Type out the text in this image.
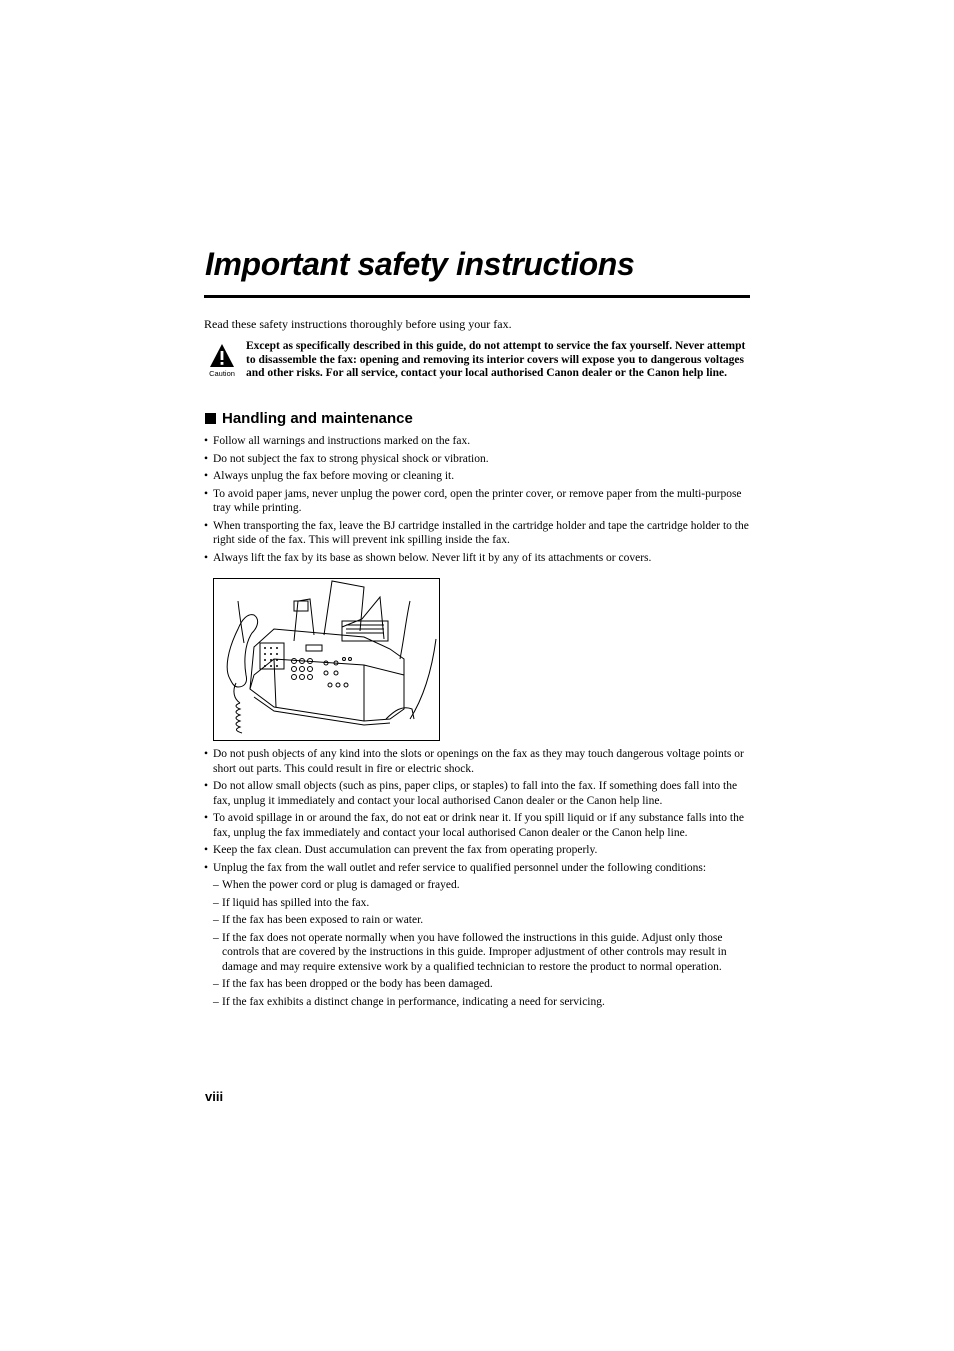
Important safety instructions
Read these safety instructions thoroughly before using your fax.
Caution
Except as specifically described in this guide, do not attempt to service the fax yourself. Never attempt to disassemble the fax: opening and removing its interior covers will expose you to dangerous voltages and other risks. For all service, contact your local authorised Canon dealer or the Canon help line.
Handling and maintenance
• Follow all warnings and instructions marked on the fax.
• Do not subject the fax to strong physical shock or vibration.
• Always unplug the fax before moving or cleaning it.
• To avoid paper jams, never unplug the power cord, open the printer cover, or remove paper from the multi-purpose tray while printing.
• When transporting the fax, leave the BJ cartridge installed in the cartridge holder and tape the cartridge holder to the right side of the fax. This will prevent ink spilling inside the fax.
• Always lift the fax by its base as shown below. Never lift it by any of its attachments or covers.
• Do not push objects of any kind into the slots or openings on the fax as they may touch dangerous voltage points or short out parts. This could result in fire or electric shock.
• Do not allow small objects (such as pins, paper clips, or staples) to fall into the fax. If something does fall into the fax, unplug it immediately and contact your local authorised Canon dealer or the Canon help line.
• To avoid spillage in or around the fax, do not eat or drink near it. If you spill liquid or if any substance falls into the fax, unplug the fax immediately and contact your local authorised Canon dealer or the Canon help line.
• Keep the fax clean. Dust accumulation can prevent the fax from operating properly.
• Unplug the fax from the wall outlet and refer service to qualified personnel under the following conditions:
– When the power cord or plug is damaged or frayed.
– If liquid has spilled into the fax.
– If the fax has been exposed to rain or water.
– If the fax does not operate normally when you have followed the instructions in this guide. Adjust only those controls that are covered by the instructions in this guide. Improper adjustment of other controls may result in damage and may require extensive work by a qualified technician to restore the product to normal operation.
– If the fax has been dropped or the body has been damaged.
– If the fax exhibits a distinct change in performance, indicating a need for servicing.
viii
